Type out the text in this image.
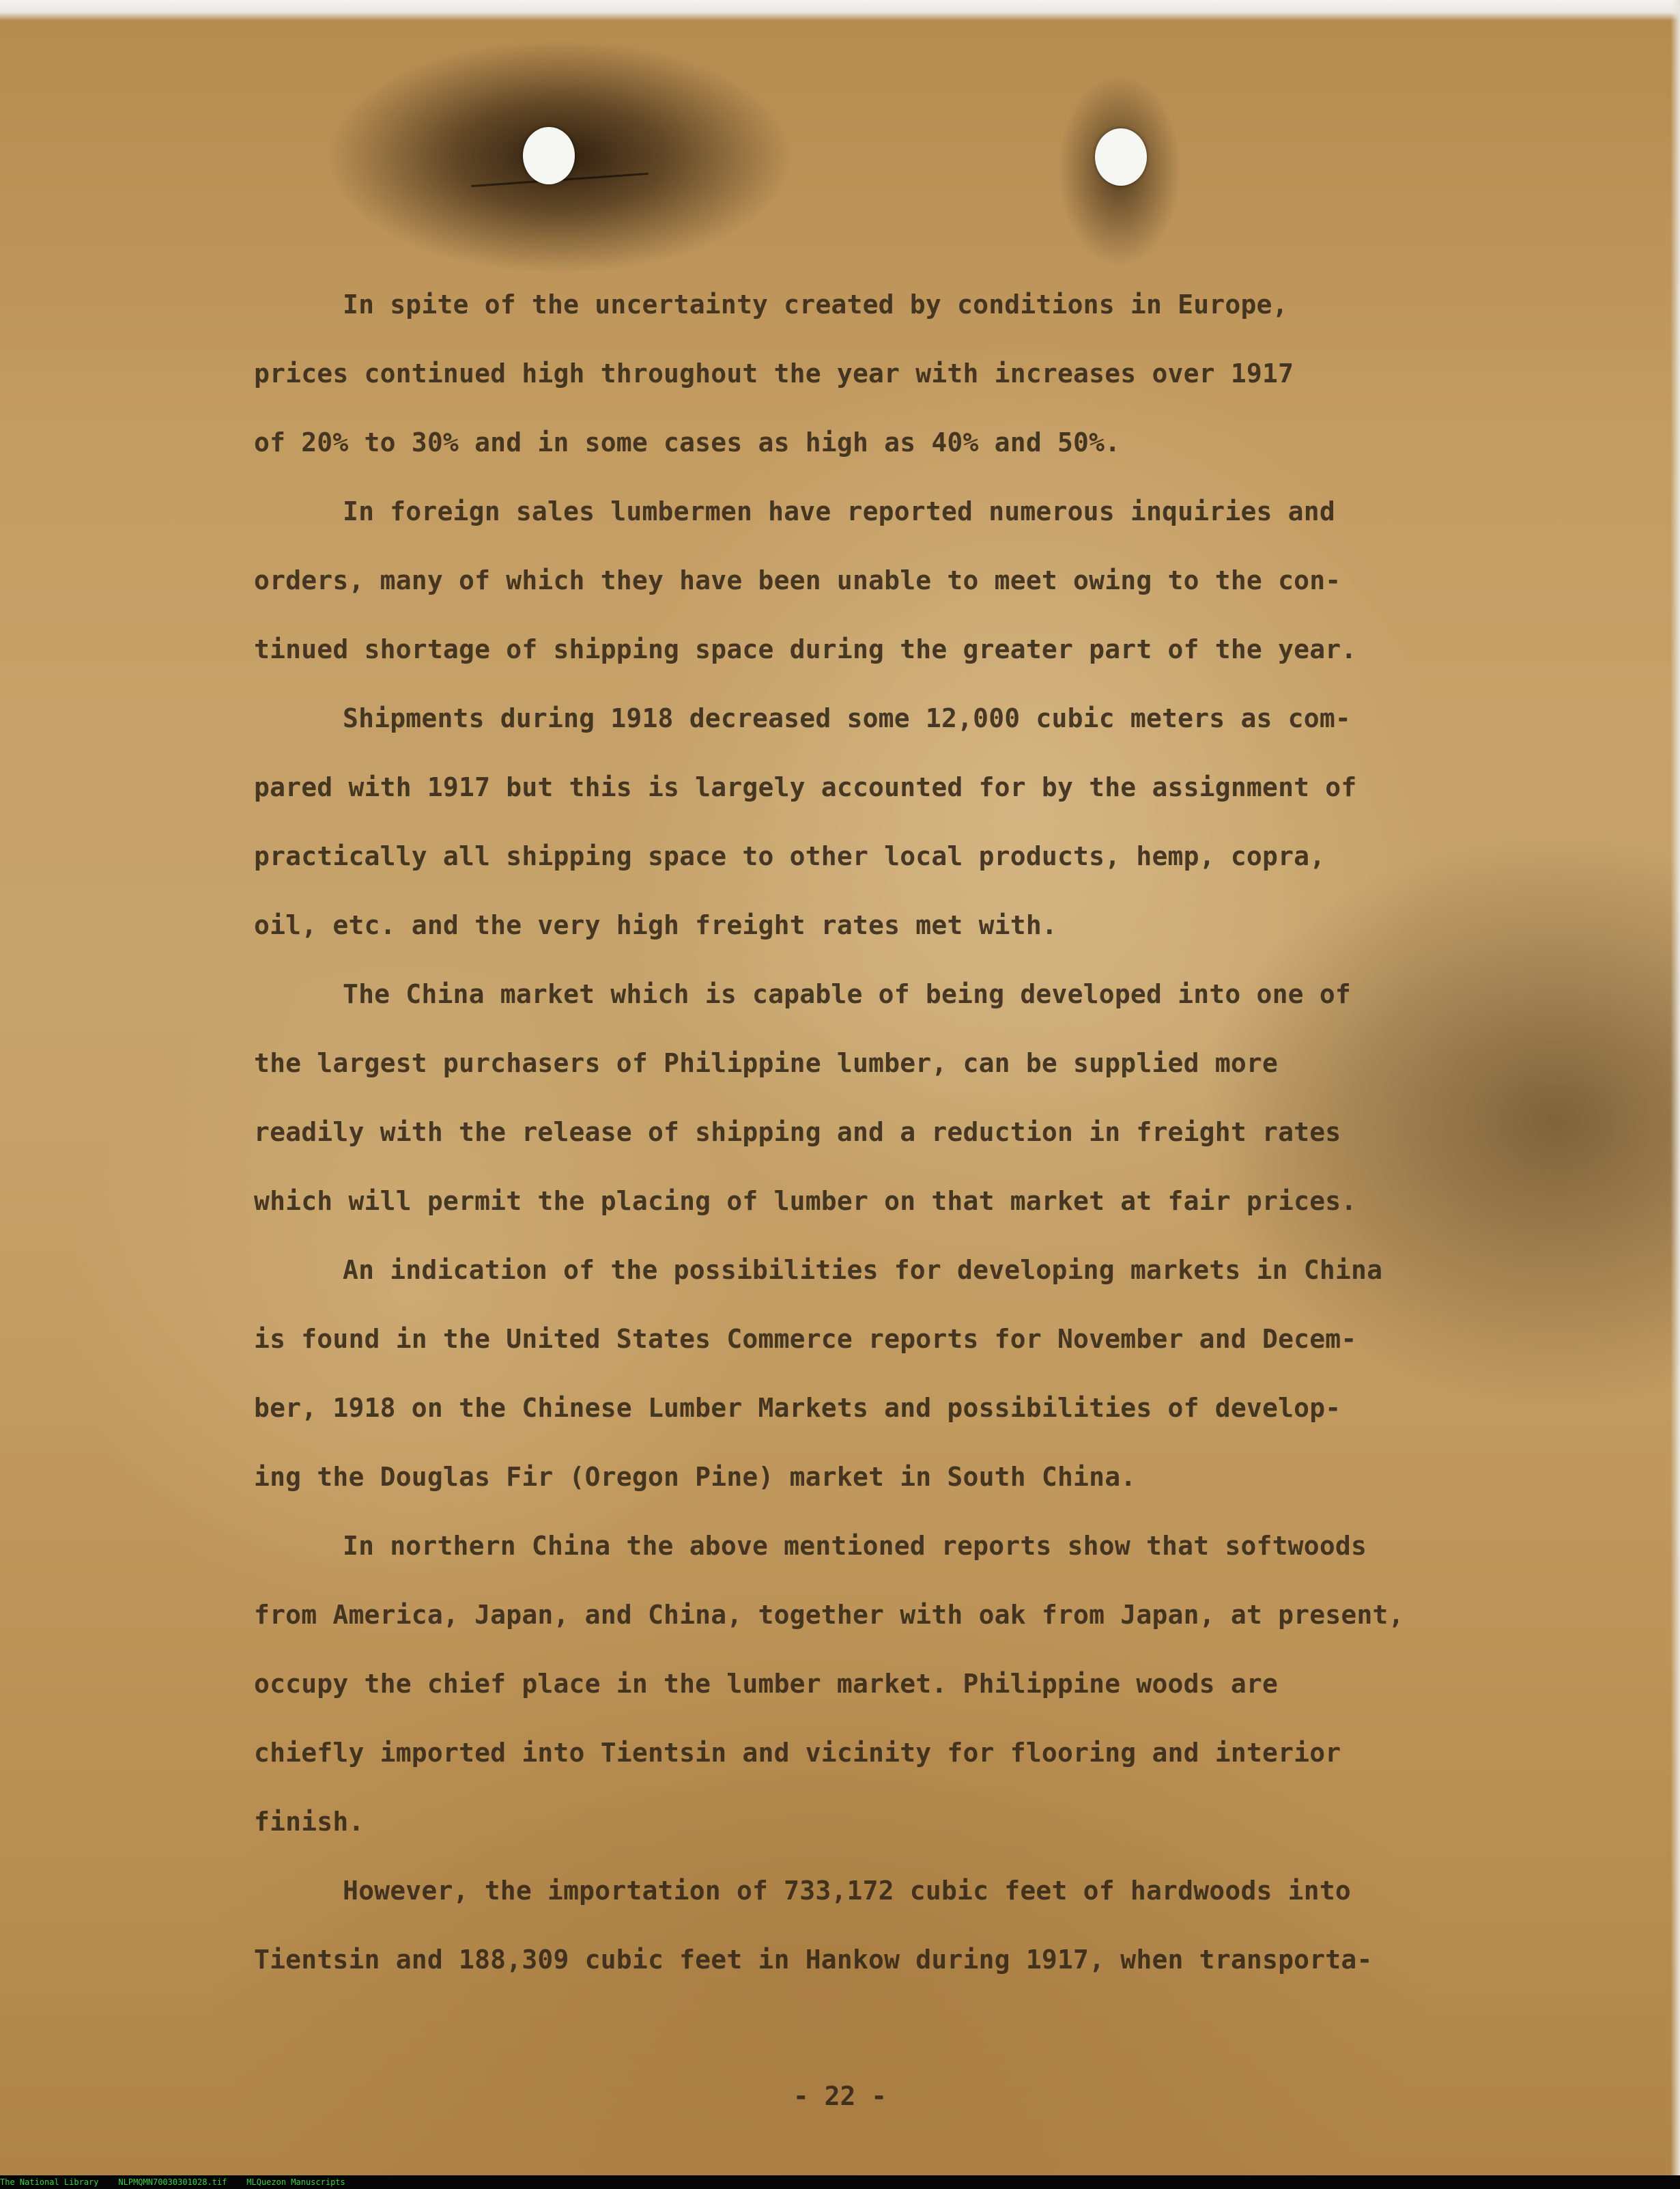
In spite of the uncertainty created by conditions in Europe,
prices continued high throughout the year with increases over 1917
of 20% to 30% and in some cases as high as 40% and 50%.
In foreign sales lumbermen have reported numerous inquiries and
orders, many of which they have been unable to meet owing to the con-
tinued shortage of shipping space during the greater part of the year.
Shipments during 1918 decreased some 12,000 cubic meters as com-
pared with 1917 but this is largely accounted for by the assignment of
practically all shipping space to other local products, hemp, copra,
oil, etc. and the very high freight rates met with.
The China market which is capable of being developed into one of
the largest purchasers of Philippine lumber, can be supplied more
readily with the release of shipping and a reduction in freight rates
which will permit the placing of lumber on that market at fair prices.
An indication of the possibilities for developing markets in China
is found in the United States Commerce reports for November and Decem-
ber, 1918 on the Chinese Lumber Markets and possibilities of develop-
ing the Douglas Fir (Oregon Pine) market in South China.
In northern China the above mentioned reports show that softwoods
from America, Japan, and China, together with oak from Japan, at present,
occupy the chief place in the lumber market. Philippine woods are
chiefly imported into Tientsin and vicinity for flooring and interior
finish.
However, the importation of 733,172 cubic feet of hardwoods into
Tientsin and 188,309 cubic feet in Hankow during 1917, when transporta-
- 22 -
The National Library NLPMQMN70030301028.tif MLQuezon Manuscripts
